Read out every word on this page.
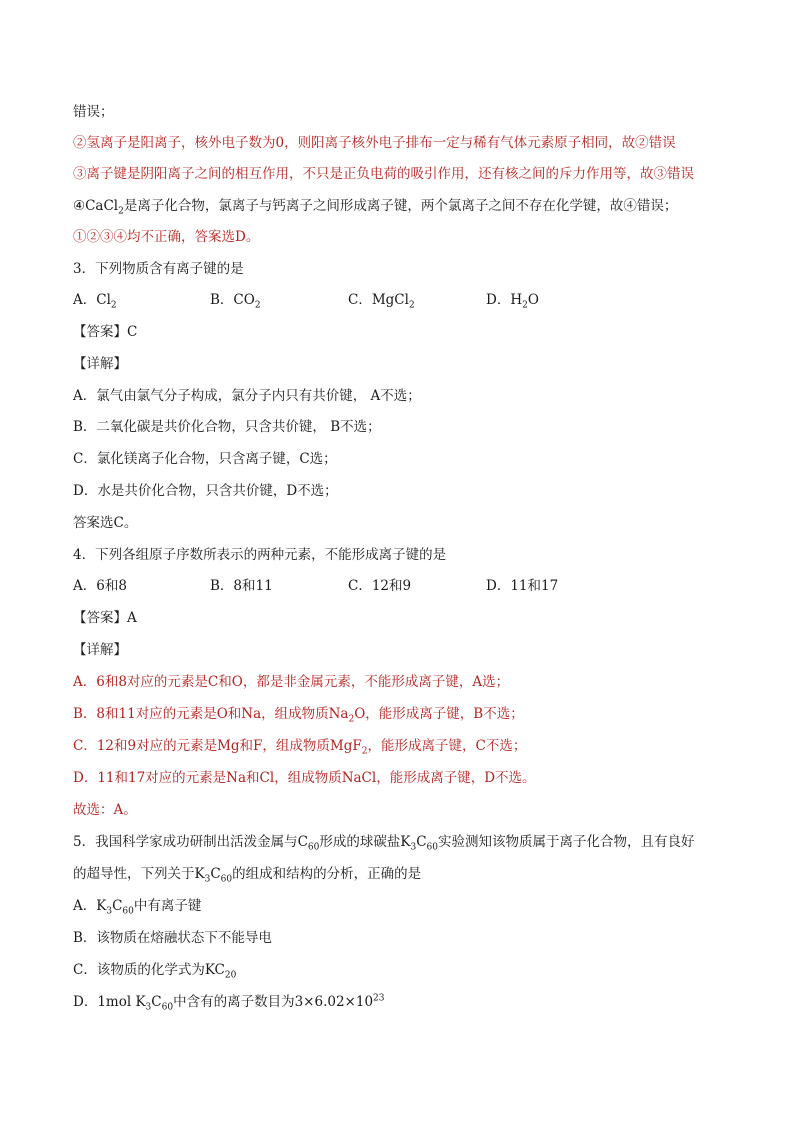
错误；
②氢离子是阳离子，核外电子数为0，则阳离子核外电子排布一定与稀有气体元素原子相同，故②错误
③离子键是阴阳离子之间的相互作用，不只是正负电荷的吸引作用，还有核之间的斥力作用等，故③错误
④CaCl$_2$是离子化合物，氯离子与钙离子之间形成离子键，两个氯离子之间不存在化学键，故④错误；
①②③④均不正确，答案选D。
3．下列物质含有离子键的是
A．$Cl_2$	B．$CO_2$	C．MgCl$_2$	D．$H_2O$
【答案】C
【详解】
A．氯气由氯气分子构成，氯分子内只有共价键， A不选；
B．二氧化碳是共价化合物，只含共价键， B不选；
C．氯化镁离子化合物，只含离子键，C选；
D．水是共价化合物，只含共价键，D不选；
答案选C。
4．下列各组原子序数所表示的两种元素，不能形成离子键的是
A．6和8	B．8和11	C．12和9	D．11和17
【答案】A
【详解】
A．6和8对应的元素是C和O，都是非金属元素，不能形成离子键，A选；
B．8和11对应的元素是O和Na，组成物质$Na_2O$，能形成离子键，B不选；
C．12和9对应的元素是Mg和F，组成物质MgF$_2$，能形成离子键，C不选；
D．11和17对应的元素是Na和Cl，组成物质NaCl，能形成离子键，D不选。
故选：A。
5．我国科学家成功研制出活泼金属与$C_{60}$形成的球碳盐$K_3C_{60}$实验测知该物质属于离子化合物，且有良好
的超导性，下列关于$K_3C_{60}$的组成和结构的分析，正确的是
A．$K_3C_{60}$中有离子键
B．该物质在熔融状态下不能导电
C．该物质的化学式为$KC_{20}$
D．1mol $K_3C_{60}$中含有的离子数目为$3\times 6.02\times 10^{23}$
